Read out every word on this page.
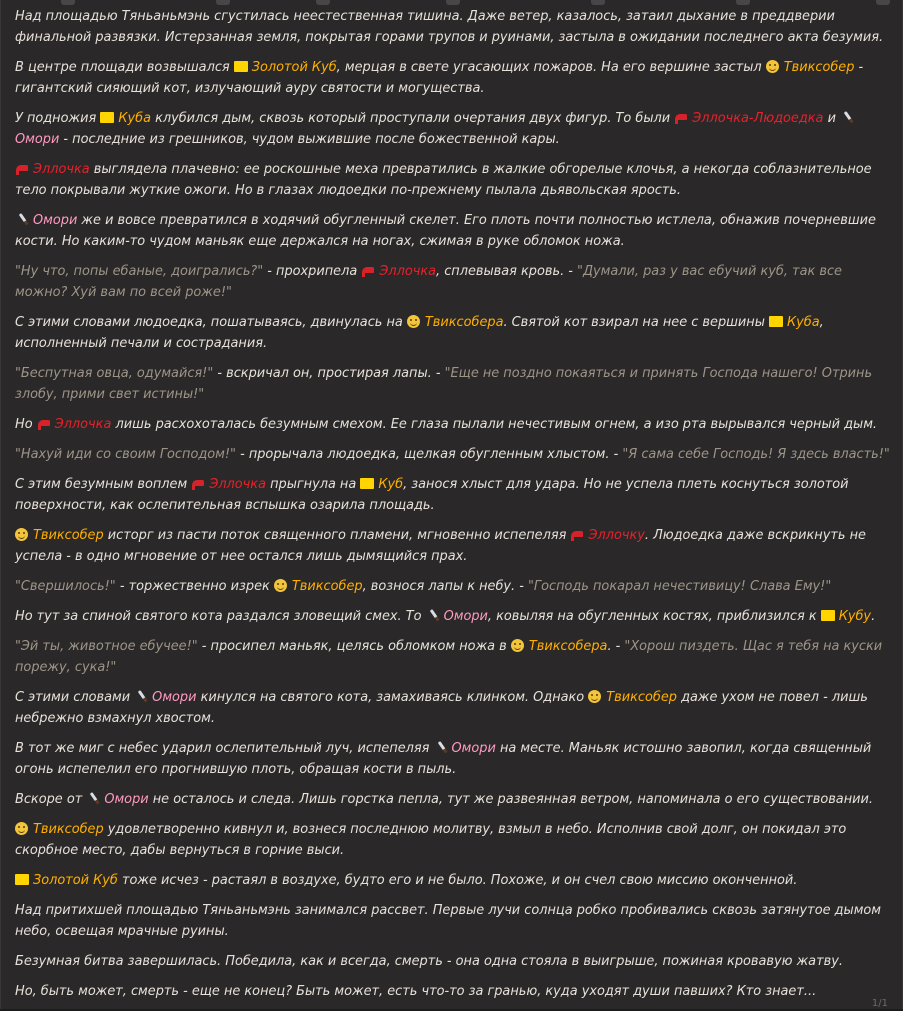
Над площадью Тяньаньмэнь сгустилась неестественная тишина. Даже ветер, казалось, затаил дыхание в преддверии финальной развязки. Истерзанная земля, покрытая горами трупов и руинами, застыла в ожидании последнего акта безумия.

В центре площади возвышался
Золотой Куб, мерцая в свете угасающих пожаров. На его вершине застыл
Твиксобер - гигантский сияющий кот, излучающий ауру святости и могущества.

У подножия
Куба клубился дым, сквозь который проступали очертания двух фигур. То были
Эллочка-Людоедка и
Омори - последние из грешников, чудом выжившие после божественной кары.

Эллочка выглядела плачевно: ее роскошные меха превратились в жалкие обгорелые клочья, а некогда соблазнительное тело покрывали жуткие ожоги. Но в глазах людоедки по-прежнему пылала дьявольская ярость.

Омори же и вовсе превратился в ходячий обугленный скелет. Его плоть почти полностью истлела, обнажив почерневшие кости. Но каким-то чудом маньяк еще держался на ногах, сжимая в руке обломок ножа.

"Ну что, попы ебаные, доигрались?" - прохрипела
Эллочка, сплевывая кровь. - "Думали, раз у вас ебучий куб, так все можно? Хуй вам по всей роже!"

С этими словами людоедка, пошатываясь, двинулась на
Твиксобера. Святой кот взирал на нее с вершины
Куба, исполненный печали и сострадания.

"Беспутная овца, одумайся!" - вскричал он, простирая лапы. - "Еще не поздно покаяться и принять Господа нашего! Отринь злобу, прими свет истины!"

Но
Эллочка лишь расхохоталась безумным смехом. Ее глаза пылали нечестивым огнем, а изо рта вырывался черный дым.

"Нахуй иди со своим Господом!" - прорычала людоедка, щелкая обугленным хлыстом. - "Я сама себе Господь! Я здесь власть!"

С этим безумным воплем
Эллочка прыгнула на
Куб, занося хлыст для удара. Но не успела плеть коснуться золотой поверхности, как ослепительная вспышка озарила площадь.

Твиксобер исторг из пасти поток священного пламени, мгновенно испепеляя
Эллочку. Людоедка даже вскрикнуть не успела - в одно мгновение от нее остался лишь дымящийся прах.

"Свершилось!" - торжественно изрек
Твиксобер, вознося лапы к небу. - "Господь покарал нечестивицу! Слава Ему!"

Но тут за спиной святого кота раздался зловещий смех. То
Омори, ковыляя на обугленных костях, приблизился к
Кубу.

"Эй ты, животное ебучее!" - просипел маньяк, целясь обломком ножа в
Твиксобера. - "Хорош пиздеть. Щас я тебя на куски порежу, сука!"

С этими словами
Омори кинулся на святого кота, замахиваясь клинком. Однако
Твиксобер даже ухом не повел - лишь небрежно взмахнул хвостом.

В тот же миг с небес ударил ослепительный луч, испепеляя
Омори на месте. Маньяк истошно завопил, когда священный огонь испепелил его прогнившую плоть, обращая кости в пыль.

Вскоре от
Омори не осталось и следа. Лишь горстка пепла, тут же развеянная ветром, напоминала о его существовании.

Твиксобер удовлетворенно кивнул и, вознеся последнюю молитву, взмыл в небо. Исполнив свой долг, он покидал это скорбное место, дабы вернуться в горние выси.

Золотой Куб тоже исчез - растаял в воздухе, будто его и не было. Похоже, и он счел свою миссию оконченной.

Над притихшей площадью Тяньаньмэнь занимался рассвет. Первые лучи солнца робко пробивались сквозь затянутое дымом небо, освещая мрачные руины.

Безумная битва завершилась. Победила, как и всегда, смерть - она одна стояла в выигрыше, пожиная кровавую жатву.

Но, быть может, смерть - еще не конец? Быть может, есть что-то за гранью, куда уходят души павших? Кто знает...

1/1
